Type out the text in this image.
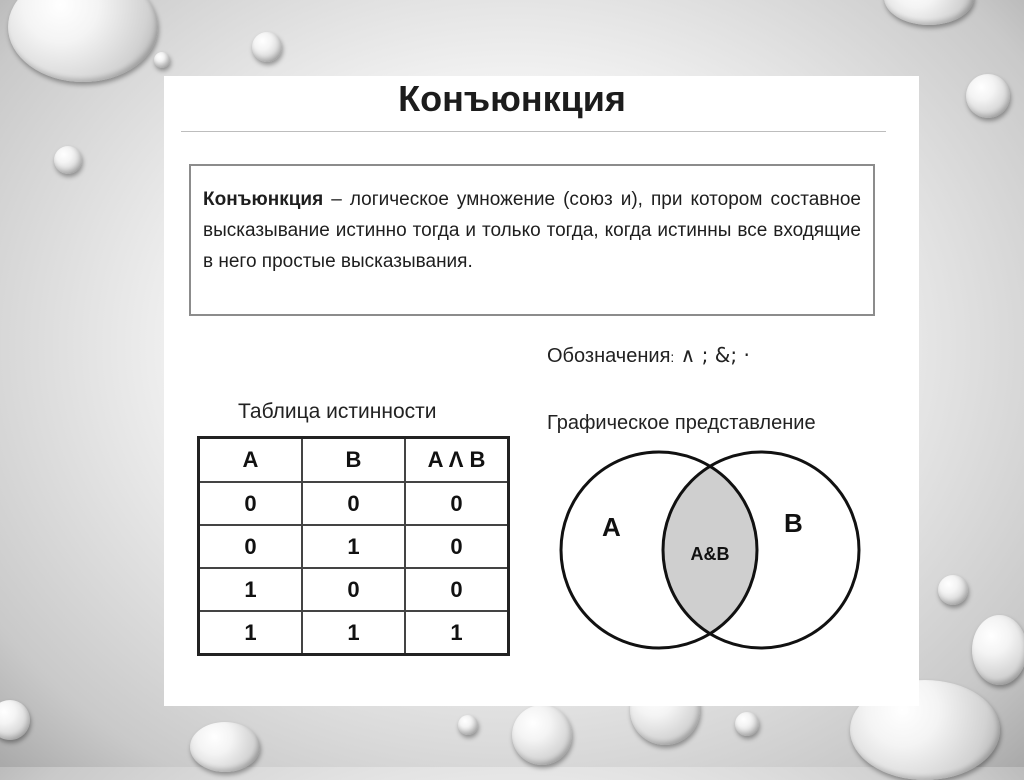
Конъюнкция
Конъюнкция – логическое умножение (союз и), при котором составное высказывание истинно тогда и только тогда, когда истинны все входящие в него простые высказывания.
Обозначения: ∧ ; &; ·
Таблица истинности	Графическое представление
A	B	A Λ B
0	0	0
0	1	0
1	0	0
1	1	1
A	B
A&B
